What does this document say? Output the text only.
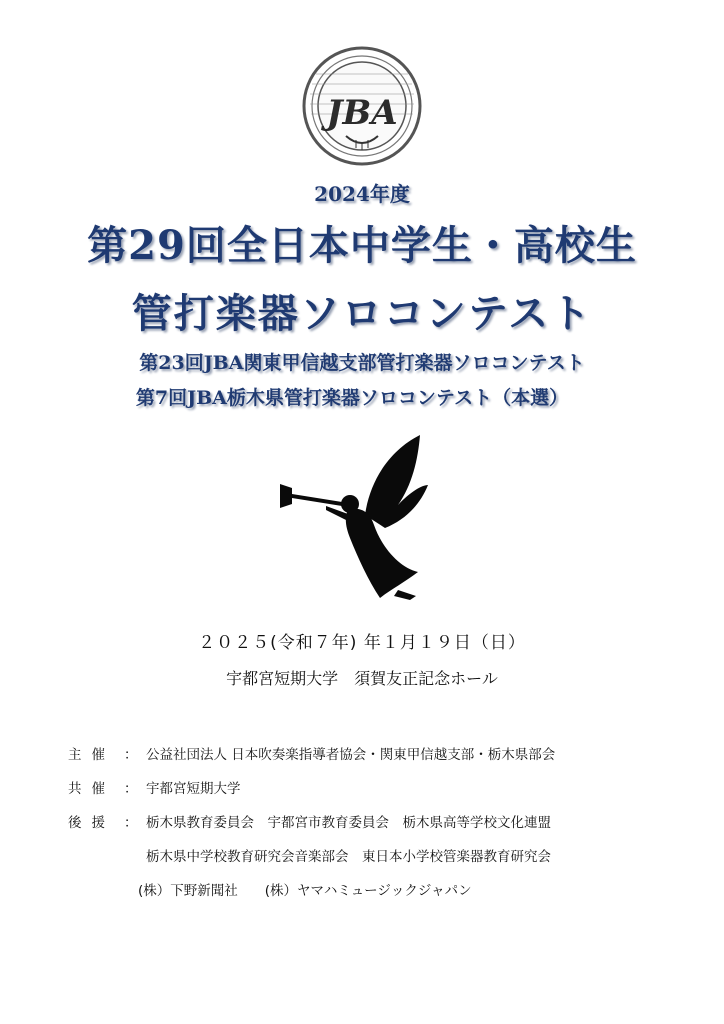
JBA
2024年度
第29回全日本中学生・高校生
管打楽器ソロコンテスト
第23回JBA関東甲信越支部管打楽器ソロコンテスト
第7回JBA栃木県管打楽器ソロコンテスト（本選）
２０２５(令和７年) 年１月１９日（日）
宇都宮短期大学　須賀友正記念ホール
主催 ： 公益社団法人 日本吹奏楽指導者協会・関東甲信越支部・栃木県部会
共催 ： 宇都宮短期大学
後援 ： 栃木県教育委員会　宇都宮市教育委員会　栃木県高等学校文化連盟
栃木県中学校教育研究会音楽部会　東日本小学校管楽器教育研究会
(株）下野新聞社　　(株）ヤマハミュージックジャパン
